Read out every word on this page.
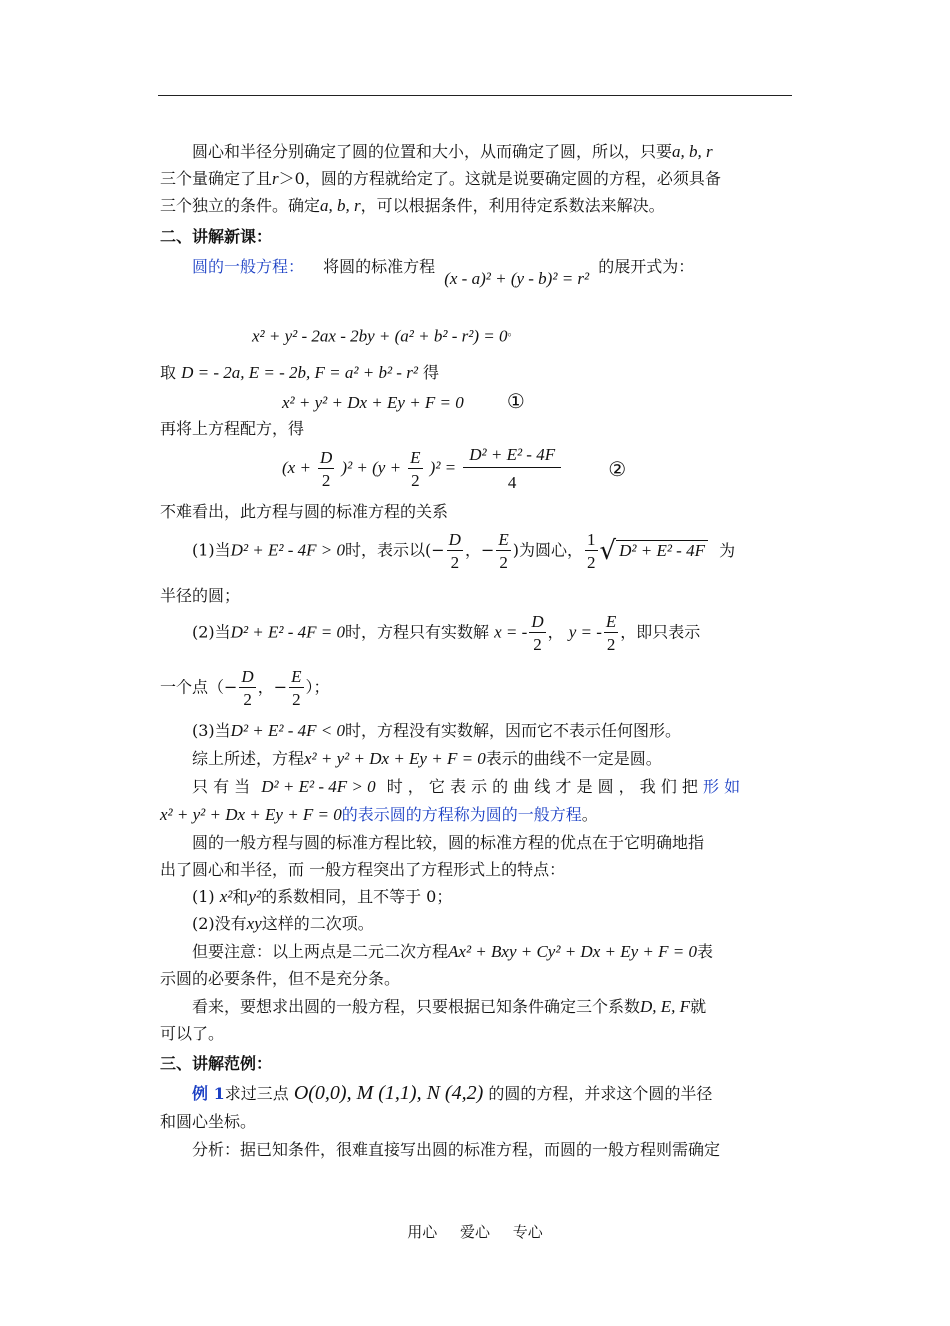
圆心和半径分别确定了圆的位置和大小，从而确定了圆，所以，只要a, b, r
三个量确定了且r＞0，圆的方程就给定了。这就是说要确定圆的方程，必须具备
三个独立的条件。确定a, b, r，可以根据条件，利用待定系数法来解决。
二、讲解新课：
圆的一般方程： 将圆的标准方程 (x - a)² + (y - b)² = r² 的展开式为：
x² + y² - 2ax - 2by + (a² + b² - r²) = 0。
取 D = - 2a, E = - 2b, F = a² + b² - r² 得
x² + y² + Dx + Ey + F = 0 ①
再将上方程配方，得
$(x + \frac{D}{2} )^2 + (y + \frac{E}{2} )^2 = \frac{\text{D² + E² - 4F}}{4}$ ②
不难看出，此方程与圆的标准方程的关系
(1)当D² + E² - 4F > 0时，表示以(− $\frac{D}{2}$ ，− $\frac{E}{2}$ )为圆心， $\frac{1}{2}$ √ D² + E² - 4F 为
半径的圆；
(2)当D² + E² - 4F = 0时，方程只有实数解 x = - $\frac{D}{2}$ ， y = - $\frac{E}{2}$ ，即只表示
一个点（− $\frac{D}{2}$ ，− $\frac{E}{2}$ ）；
(3)当D² + E² - 4F < 0时，方程没有实数解，因而它不表示任何图形。
综上所述，方程x² + y² + Dx + Ey + F = 0表示的曲线不一定是圆。
只 有 当 D² + E² - 4F > 0 时 ， 它 表 示 的 曲 线 才 是 圆 ， 我 们 把 形 如
x² + y² + Dx + Ey + F = 0的表示圆的方程称为圆的一般方程。
圆的一般方程与圆的标准方程比较，圆的标准方程的优点在于它明确地指
出了圆心和半径，而 一般方程突出了方程形式上的特点：
(1) x²和y²的系数相同，且不等于 0；
(2)没有xy这样的二次项。
但要注意：以上两点是二元二次方程Ax² + Bxy + Cy² + Dx + Ey + F = 0表
示圆的必要条件，但不是充分条。
看来，要想求出圆的一般方程，只要根据已知条件确定三个系数D, E, F就
可以了。
三、讲解范例：
例 1求过三点 O(0,0), M (1,1), N (4,2) 的圆的方程，并求这个圆的半径
和圆心坐标。
分析：据已知条件，很难直接写出圆的标准方程，而圆的一般方程则需确定
用心 爱心 专心
